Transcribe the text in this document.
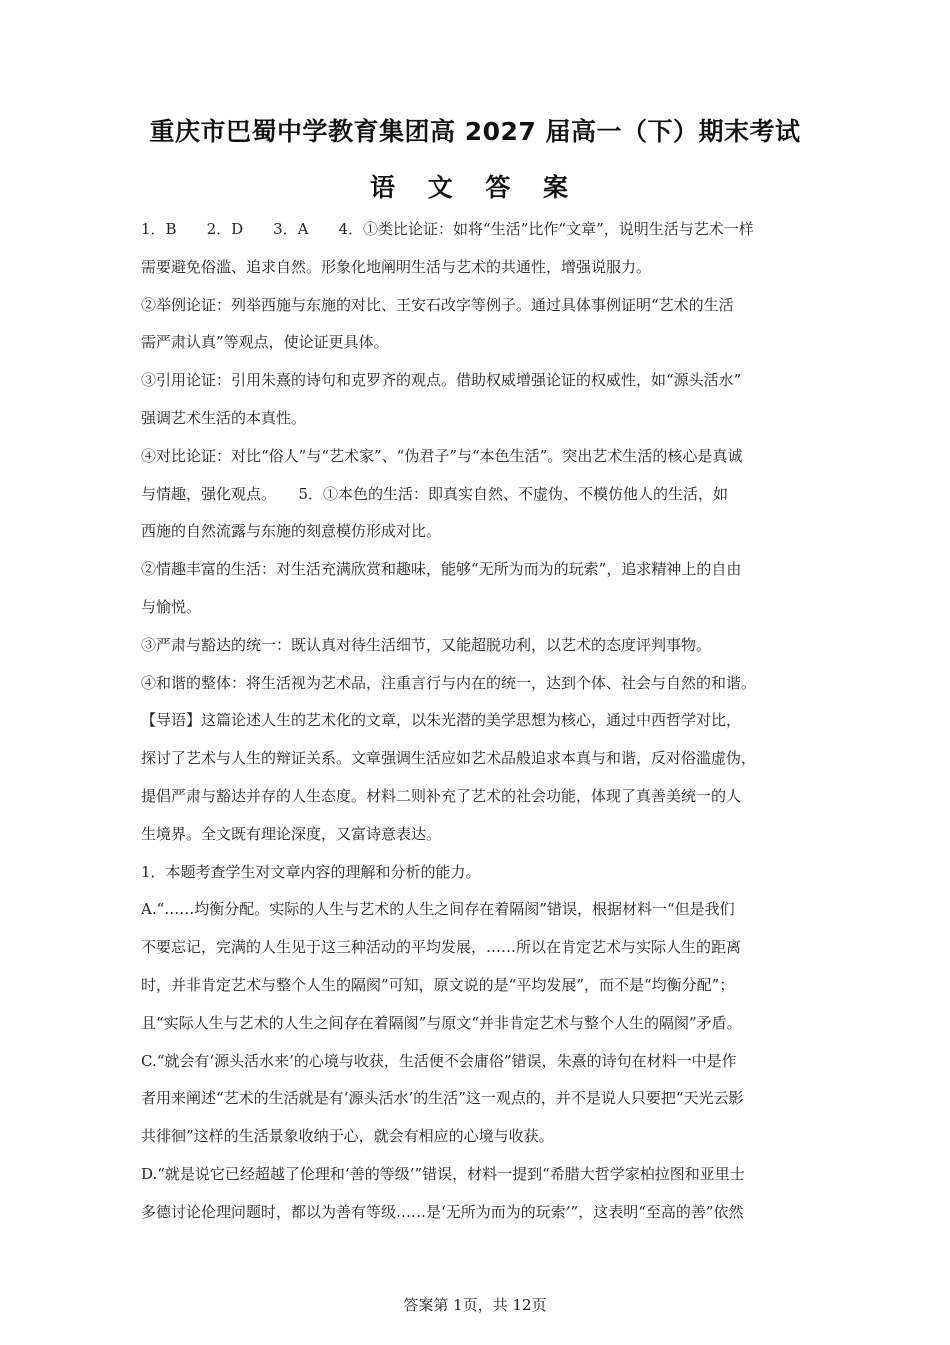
重庆市巴蜀中学教育集团高 2027 届高一（下）期末考试
语 文 答 案
1．B　　2．D　　3．A　　4．①类比论证：如将“生活”比作“文章”，说明生活与艺术一样
需要避免俗滥、追求自然。形象化地阐明生活与艺术的共通性，增强说服力。
②举例论证：列举西施与东施的对比、王安石改字等例子。通过具体事例证明“艺术的生活
需严肃认真”等观点，使论证更具体。
③引用论证：引用朱熹的诗句和克罗齐的观点。借助权威增强论证的权威性，如“源头活水”
强调艺术生活的本真性。
④对比论证：对比“俗人”与“艺术家”、“伪君子”与“本色生活”。突出艺术生活的核心是真诚
与情趣，强化观点。　　5．①本色的生活：即真实自然、不虚伪、不模仿他人的生活，如
西施的自然流露与东施的刻意模仿形成对比。
②情趣丰富的生活：对生活充满欣赏和趣味，能够“无所为而为的玩索”，追求精神上的自由
与愉悦。
③严肃与豁达的统一：既认真对待生活细节，又能超脱功利，以艺术的态度评判事物。
④和谐的整体：将生活视为艺术品，注重言行与内在的统一，达到个体、社会与自然的和谐。
【导语】这篇论述人生的艺术化的文章，以朱光潜的美学思想为核心，通过中西哲学对比，
探讨了艺术与人生的辩证关系。文章强调生活应如艺术品般追求本真与和谐，反对俗滥虚伪，
提倡严肃与豁达并存的人生态度。材料二则补充了艺术的社会功能，体现了真善美统一的人
生境界。全文既有理论深度，又富诗意表达。
1．本题考查学生对文章内容的理解和分析的能力。
A.“……均衡分配。实际的人生与艺术的人生之间存在着隔阂”错误，根据材料一“但是我们
不要忘记，完满的人生见于这三种活动的平均发展，……所以在肯定艺术与实际人生的距离
时，并非肯定艺术与整个人生的隔阂”可知，原文说的是“平均发展”，而不是“均衡分配”；
且“实际人生与艺术的人生之间存在着隔阂”与原文“并非肯定艺术与整个人生的隔阂”矛盾。
C.“就会有‘源头活水来’的心境与收获，生活便不会庸俗”错误，朱熹的诗句在材料一中是作
者用来阐述“艺术的生活就是有‘源头活水’的生活”这一观点的，并不是说人只要把“天光云影
共徘徊”这样的生活景象收纳于心，就会有相应的心境与收获。
D.“就是说它已经超越了伦理和‘善的等级’”错误，材料一提到“希腊大哲学家柏拉图和亚里士
多德讨论伦理问题时，都以为善有等级……是‘无所为而为的玩索’”，这表明“至高的善”依然
答案第 1页，共 12页
